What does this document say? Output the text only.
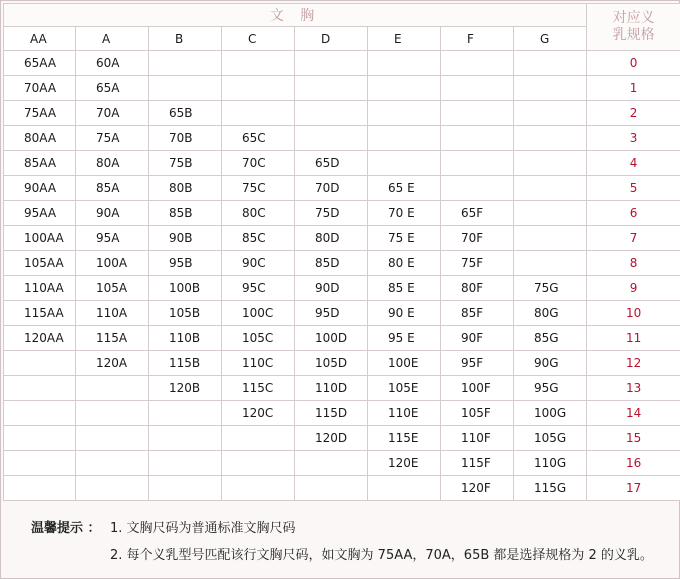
文 胸								对应义乳规格
AA	A	B	C	D	E	F	G	
65AA	60A							0
70AA	65A							1
75AA	70A	65B						2
80AA	75A	70B	65C					3
85AA	80A	75B	70C	65D				4
90AA	85A	80B	75C	70D	65 E			5
95AA	90A	85B	80C	75D	70 E	65F		6
100AA	95A	90B	85C	80D	75 E	70F		7
105AA	100A	95B	90C	85D	80 E	75F		8
110AA	105A	100B	95C	90D	85 E	80F	75G	9
115AA	110A	105B	100C	95D	90 E	85F	80G	10
120AA	115A	110B	105C	100D	95 E	90F	85G	11
	120A	115B	110C	105D	100E	95F	90G	12
		120B	115C	110D	105E	100F	95G	13
			120C	115D	110E	105F	100G	14
				120D	115E	110F	105G	15
					120E	115F	110G	16
						120F	115G	17
温馨提示 ： 1. 文胸尺码为普通标准文胸尺码
2. 每个义乳型号匹配该行文胸尺码，如文胸为 75AA，70A，65B 都是选择规格为 2 的义乳。
